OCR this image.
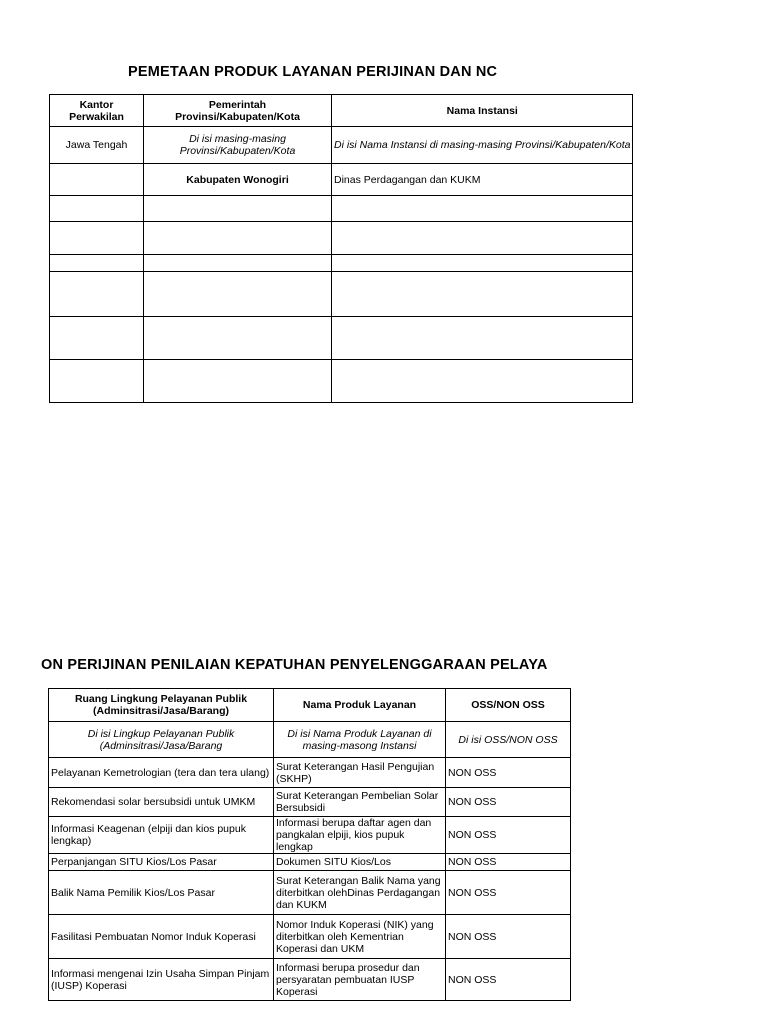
PEMETAAN PRODUK LAYANAN PERIJINAN DAN NC
Kantor Perwakilan	Pemerintah Provinsi/Kabupaten/Kota	Nama Instansi
Jawa Tengah	Di isi masing-masing Provinsi/Kabupaten/Kota	Di isi Nama Instansi di masing-masing Provinsi/Kabupaten/Kota
	Kabupaten Wonogiri	Dinas Perdagangan dan KUKM

ON PERIJINAN PENILAIAN KEPATUHAN PENYELENGGARAAN PELAYA
Ruang Lingkung Pelayanan Publik (Adminsitrasi/Jasa/Barang)	Nama Produk Layanan	OSS/NON OSS
Di isi Lingkup Pelayanan Publik (Adminsitrasi/Jasa/Barang	Di isi Nama Produk Layanan di masing-masong Instansi	Di isi OSS/NON OSS
Pelayanan Kemetrologian (tera dan tera ulang)	Surat Keterangan Hasil Pengujian (SKHP)	NON OSS
Rekomendasi solar bersubsidi untuk UMKM	Surat Keterangan Pembelian Solar Bersubsidi	NON OSS
Informasi Keagenan (elpiji dan kios pupuk lengkap)	Informasi berupa daftar agen dan pangkalan elpiji, kios pupuk lengkap	NON OSS
Perpanjangan SITU Kios/Los Pasar	Dokumen SITU Kios/Los	NON OSS
Balik Nama Pemilik Kios/Los Pasar	Surat Keterangan Balik Nama yang diterbitkan olehDinas Perdagangan dan KUKM	NON OSS
Fasilitasi Pembuatan Nomor Induk Koperasi	Nomor Induk Koperasi (NIK) yang diterbitkan oleh Kementrian Koperasi dan UKM	NON OSS
Informasi mengenai Izin Usaha Simpan Pinjam (IUSP) Koperasi	Informasi berupa prosedur dan persyaratan pembuatan IUSP Koperasi	NON OSS
